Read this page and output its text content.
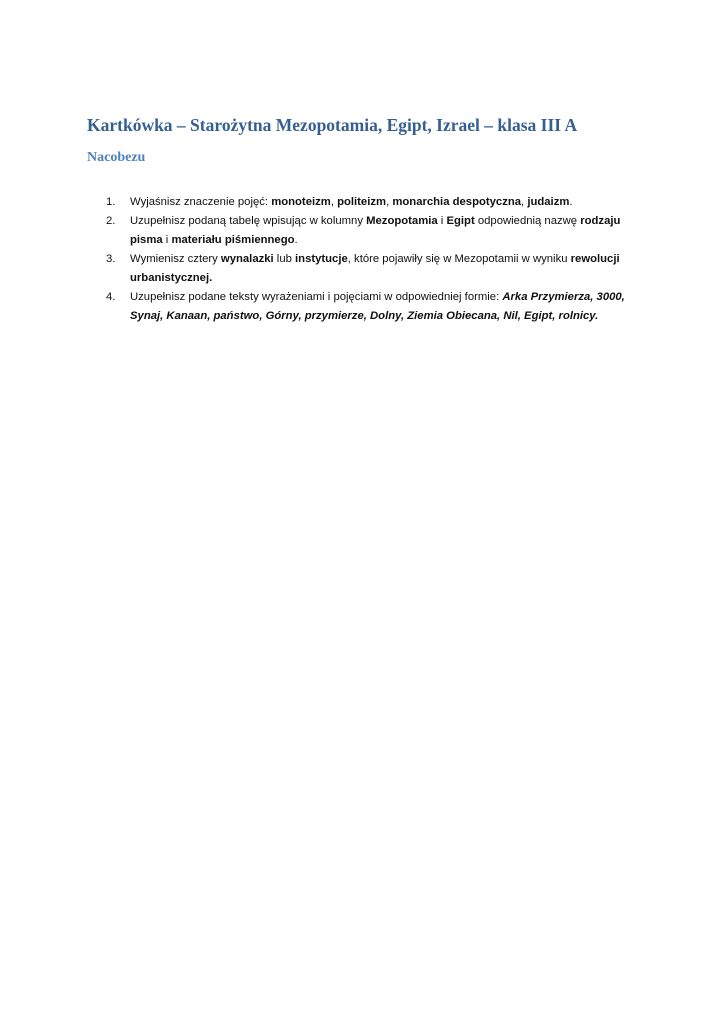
Kartkówka – Starożytna Mezopotamia, Egipt, Izrael – klasa III A
Nacobezu
1. Wyjaśnisz znaczenie pojęć: monoteizm, politeizm, monarchia despotyczna, judaizm.
2. Uzupełnisz podaną tabelę wpisując w kolumny Mezopotamia i Egipt odpowiednią nazwę rodzaju pisma i materiału piśmiennego.
3. Wymienisz cztery wynalazki lub instytucje, które pojawiły się w Mezopotamii w wyniku rewolucji urbanistycznej.
4. Uzupełnisz podane teksty wyrażeniami i pojęciami w odpowiedniej formie: Arka Przymierza, 3000, Synaj, Kanaan, państwo, Górny, przymierze, Dolny, Ziemia Obiecana, Nil, Egipt, rolnicy.
